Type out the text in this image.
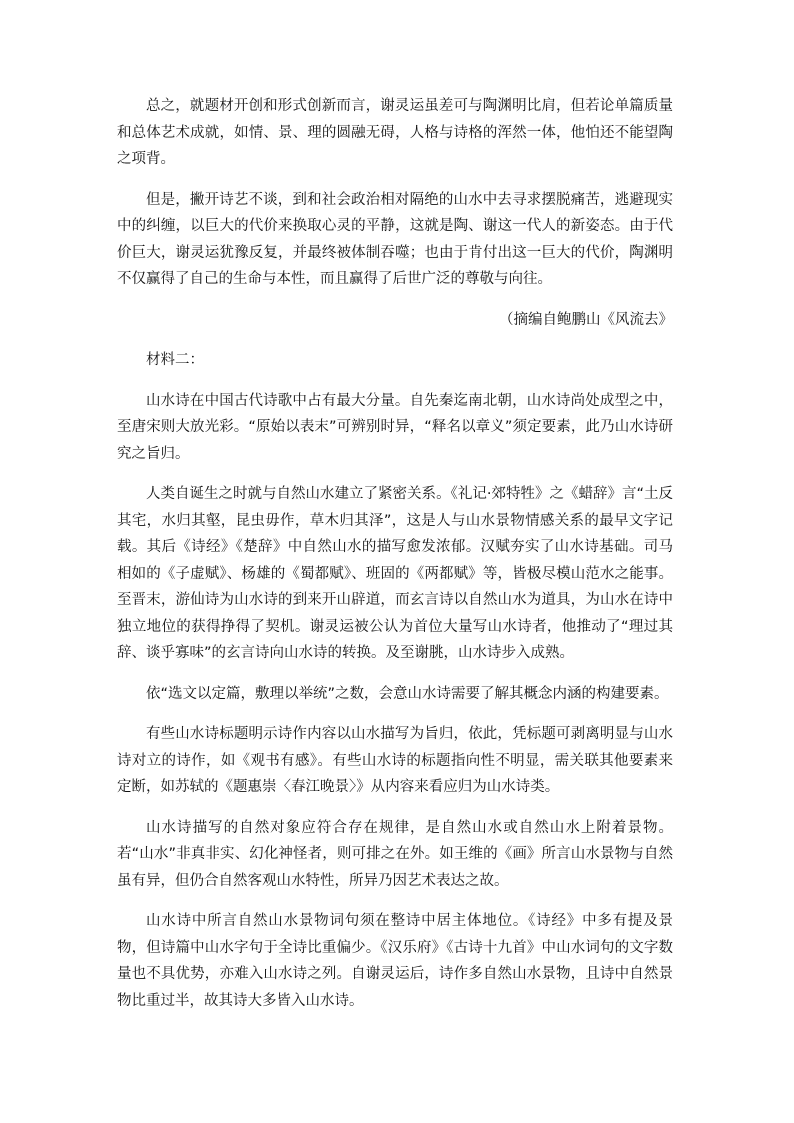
总之，就题材开创和形式创新而言，谢灵运虽差可与陶渊明比肩，但若论单篇质量和总体艺术成就，如情、景、理的圆融无碍，人格与诗格的浑然一体，他怕还不能望陶之项背。

但是，撇开诗艺不谈，到和社会政治相对隔绝的山水中去寻求摆脱痛苦，逃避现实中的纠缠，以巨大的代价来换取心灵的平静，这就是陶、谢这一代人的新姿态。由于代价巨大，谢灵运犹豫反复，并最终被体制吞噬；也由于肯付出这一巨大的代价，陶渊明不仅赢得了自己的生命与本性，而且赢得了后世广泛的尊敬与向往。

（摘编自鲍鹏山《风流去》

材料二：

山水诗在中国古代诗歌中占有最大分量。自先秦迄南北朝，山水诗尚处成型之中，至唐宋则大放光彩。“原始以表末”可辨别时异，“释名以章义”须定要素，此乃山水诗研究之旨归。

人类自诞生之时就与自然山水建立了紧密关系。《礼记·郊特牲》之《蜡辞》言“土反其宅，水归其壑，昆虫毋作，草木归其泽”，这是人与山水景物情感关系的最早文字记载。其后《诗经》《楚辞》中自然山水的描写愈发浓郁。汉赋夯实了山水诗基础。司马相如的《子虚赋》、杨雄的《蜀都赋》、班固的《两都赋》等，皆极尽模山范水之能事。至晋末，游仙诗为山水诗的到来开山辟道，而玄言诗以自然山水为道具，为山水在诗中独立地位的获得挣得了契机。谢灵运被公认为首位大量写山水诗者，他推动了“理过其辞、谈乎寡味”的玄言诗向山水诗的转换。及至谢朓，山水诗步入成熟。

依“选文以定篇，敷理以举统”之数，会意山水诗需要了解其概念内涵的构建要素。

有些山水诗标题明示诗作内容以山水描写为旨归，依此，凭标题可剥离明显与山水诗对立的诗作，如《观书有感》。有些山水诗的标题指向性不明显，需关联其他要素来定断，如苏轼的《题惠崇〈春江晚景〉》从内容来看应归为山水诗类。

山水诗描写的自然对象应符合存在规律，是自然山水或自然山水上附着景物。若“山水”非真非实、幻化神怪者，则可排之在外。如王维的《画》所言山水景物与自然虽有异，但仍合自然客观山水特性，所异乃因艺术表达之故。

山水诗中所言自然山水景物词句须在整诗中居主体地位。《诗经》中多有提及景物，但诗篇中山水字句于全诗比重偏少。《汉乐府》《古诗十九首》中山水词句的文字数量也不具优势，亦难入山水诗之列。自谢灵运后，诗作多自然山水景物，且诗中自然景物比重过半，故其诗大多皆入山水诗。
